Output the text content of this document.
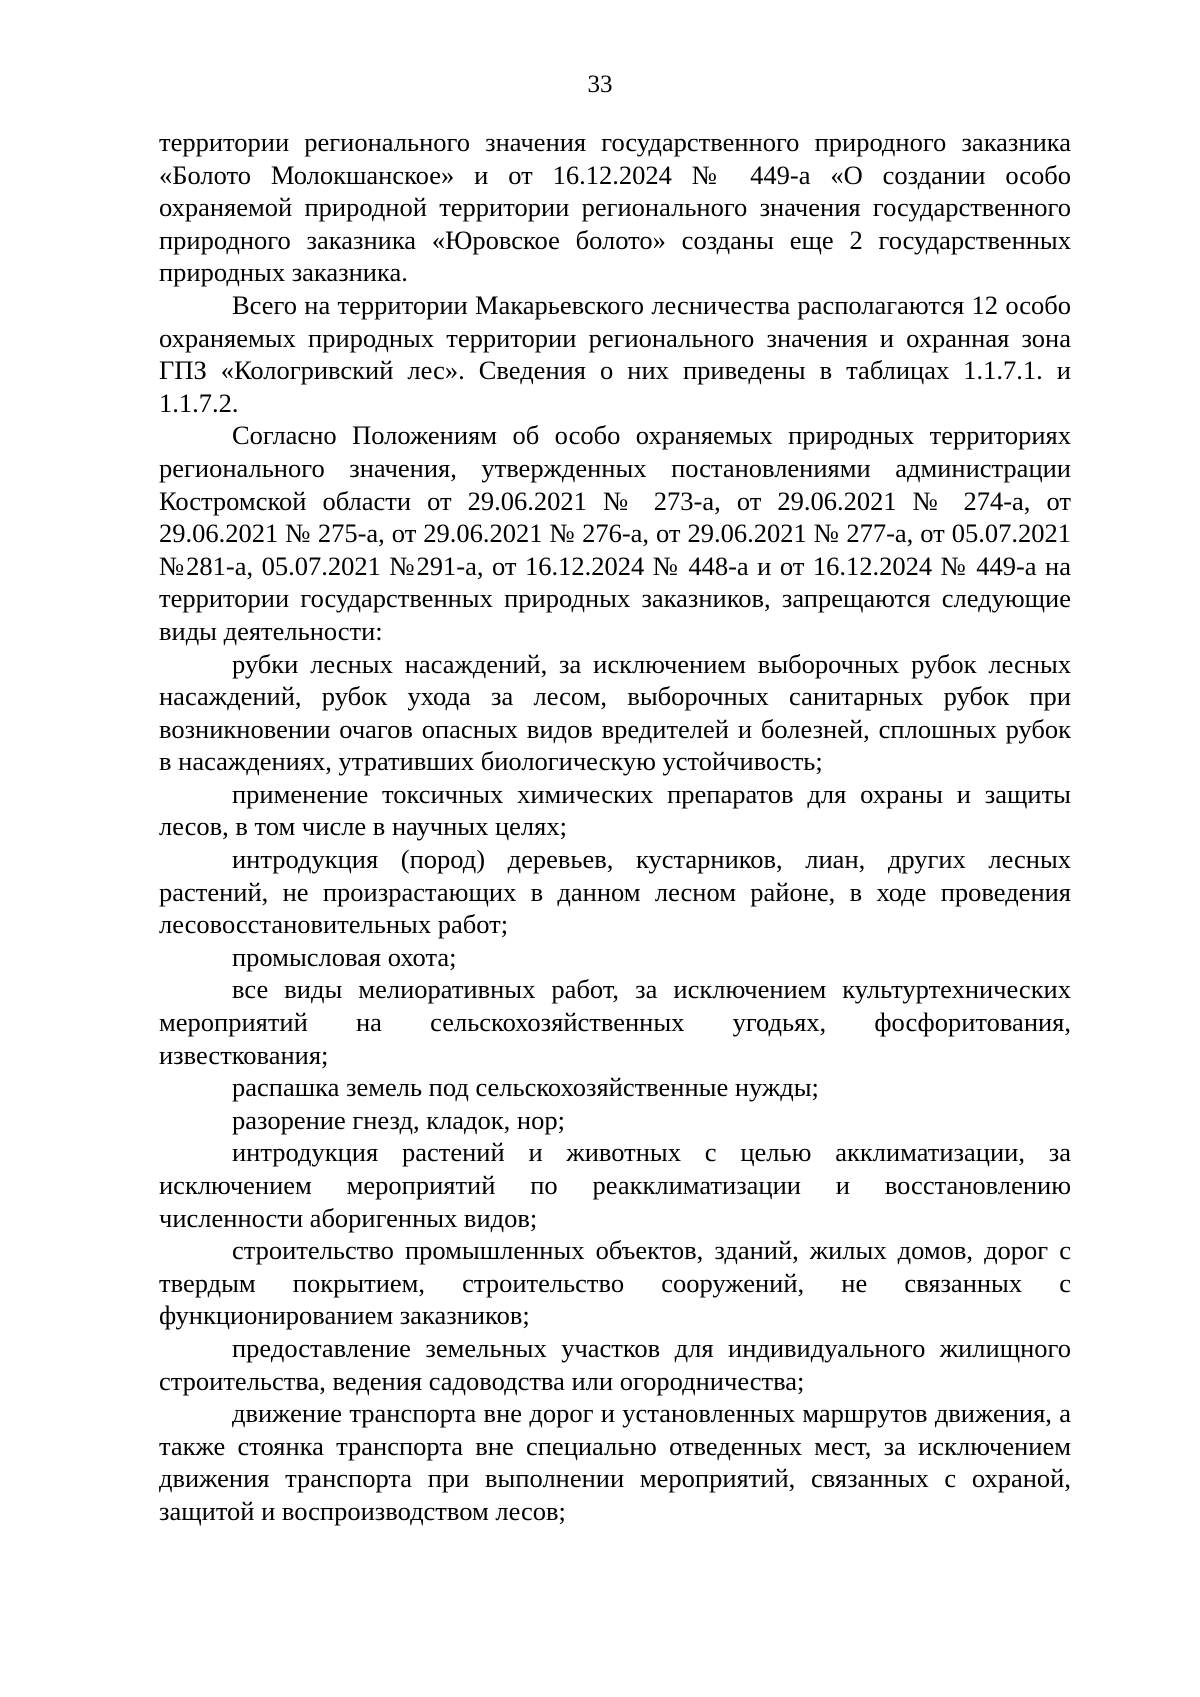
33

территории регионального значения государственного природного заказника «Болото Молокшанское» и от 16.12.2024 № 449-а «О создании особо охраняемой природной территории регионального значения государственного природного заказника «Юровское болото» созданы еще 2 государственных природных заказника.

Всего на территории Макарьевского лесничества располагаются 12 особо охраняемых природных территории регионального значения и охранная зона ГПЗ «Кологривский лес». Сведения о них приведены в таблицах 1.1.7.1. и 1.1.7.2.

Согласно Положениям об особо охраняемых природных территориях регионального значения, утвержденных постановлениями администрации Костромской области от 29.06.2021 № 273-а, от 29.06.2021 № 274-а, от 29.06.2021 № 275-а, от 29.06.2021 № 276-а, от 29.06.2021 № 277-а, от 05.07.2021 №281-а, 05.07.2021 №291-а, от 16.12.2024 № 448-а и от 16.12.2024 № 449-а на территории государственных природных заказников, запрещаются следующие виды деятельности:

рубки лесных насаждений, за исключением выборочных рубок лесных насаждений, рубок ухода за лесом, выборочных санитарных рубок при возникновении очагов опасных видов вредителей и болезней, сплошных рубок в насаждениях, утративших биологическую устойчивость;

применение токсичных химических препаратов для охраны и защиты лесов, в том числе в научных целях;

интродукция (пород) деревьев, кустарников, лиан, других лесных растений, не произрастающих в данном лесном районе, в ходе проведения лесовосстановительных работ;

промысловая охота;

все виды мелиоративных работ, за исключением культуртехнических мероприятий на сельскохозяйственных угодьях, фосфоритования, известкования;

распашка земель под сельскохозяйственные нужды;

разорение гнезд, кладок, нор;

интродукция растений и животных с целью акклиматизации, за исключением мероприятий по реакклиматизации и восстановлению численности аборигенных видов;

строительство промышленных объектов, зданий, жилых домов, дорог с твердым покрытием, строительство сооружений, не связанных с функционированием заказников;

предоставление земельных участков для индивидуального жилищного строительства, ведения садоводства или огородничества;

движение транспорта вне дорог и установленных маршрутов движения, а также стоянка транспорта вне специально отведенных мест, за исключением движения транспорта при выполнении мероприятий, связанных с охраной, защитой и воспроизводством лесов;
